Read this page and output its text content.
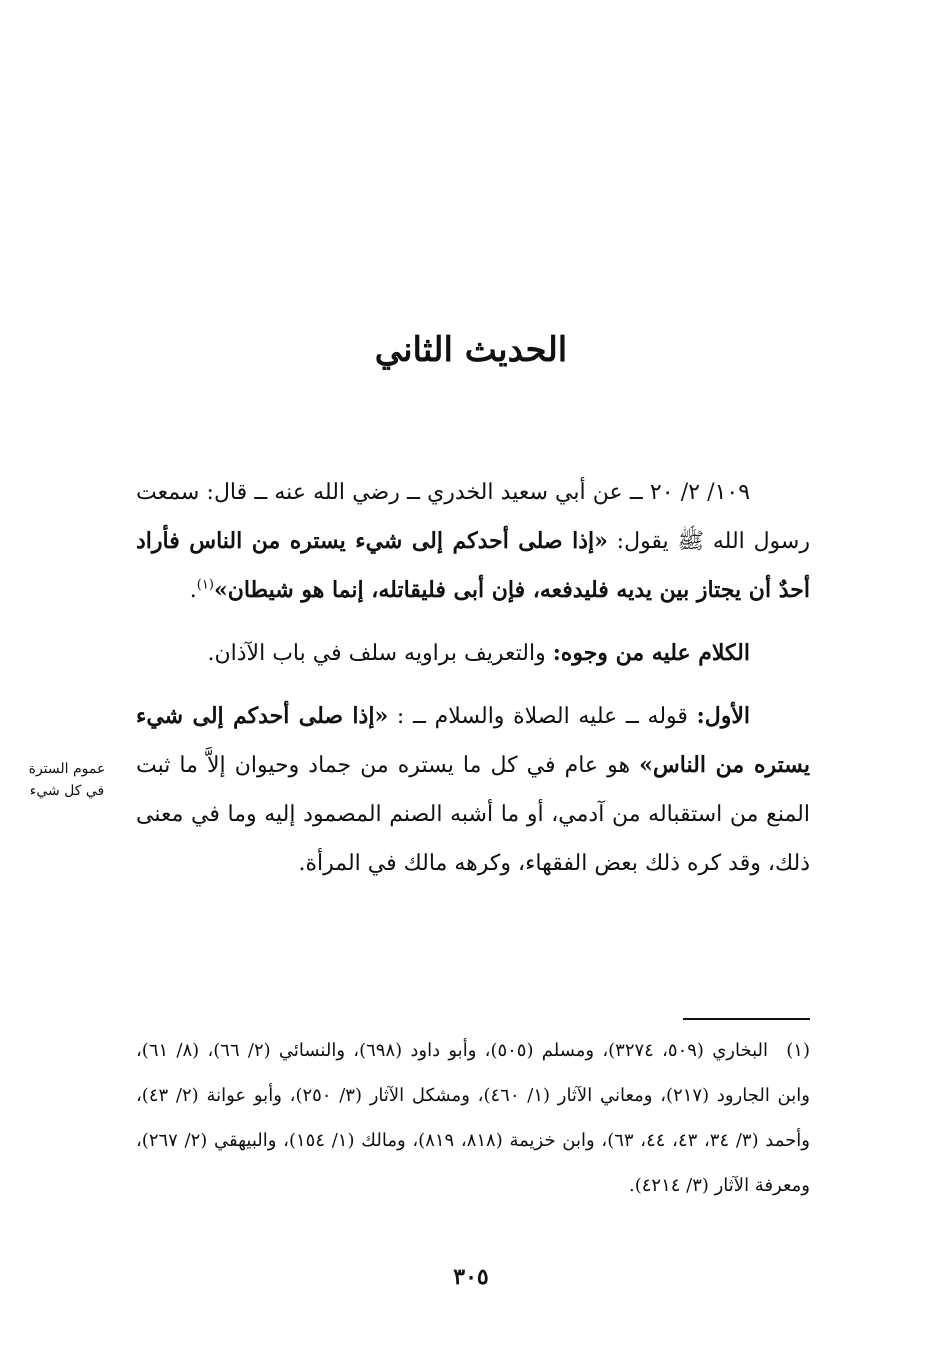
الحديث الثاني

١٠٩/ ٢/ ٢٠ ــ عن أبي سعيد الخدري ــ رضي الله عنه ــ قال: سمعت رسول الله ﷺ يقول: «إذا صلى أحدكم إلى شيء يستره من الناس فأراد أحدٌ أن يجتاز بين يديه فليدفعه، فإن أبى فليقاتله، إنما هو شيطان»$^{(١)}$.

الكلام عليه من وجوه: والتعريف براويه سلف في باب الآذان.

الأول: قوله ــ عليه الصلاة والسلام ــ : «إذا صلى أحدكم إلى شيء يستره من الناس» هو عام في كل ما يستره من جماد وحيوان إلاَّ ما ثبت المنع من استقباله من آدمي، أو ما أشبه الصنم المصمود إليه وما في معنى ذلك، وقد كره ذلك بعض الفقهاء، وكرهه مالك في المرأة.

عموم السترة
في كل شيء
(١) البخاري (٥٠٩، ٣٢٧٤)، ومسلم (٥٠٥)، وأبو داود (٦٩٨)، والنسائي (٢/ ٦٦)، (٨/ ٦١)، وابن الجارود (٢١٧)، ومعاني الآثار (١/ ٤٦٠)، ومشكل الآثار (٣/ ٢٥٠)، وأبو عوانة (٢/ ٤٣)، وأحمد (٣/ ٣٤، ٤٣، ٤٤، ٦٣)، وابن خزيمة (٨١٨، ٨١٩)، ومالك (١/ ١٥٤)، والبيهقي (٢/ ٢٦٧)، ومعرفة الآثار (٣/ ٤٢١٤).
٣٠٥
